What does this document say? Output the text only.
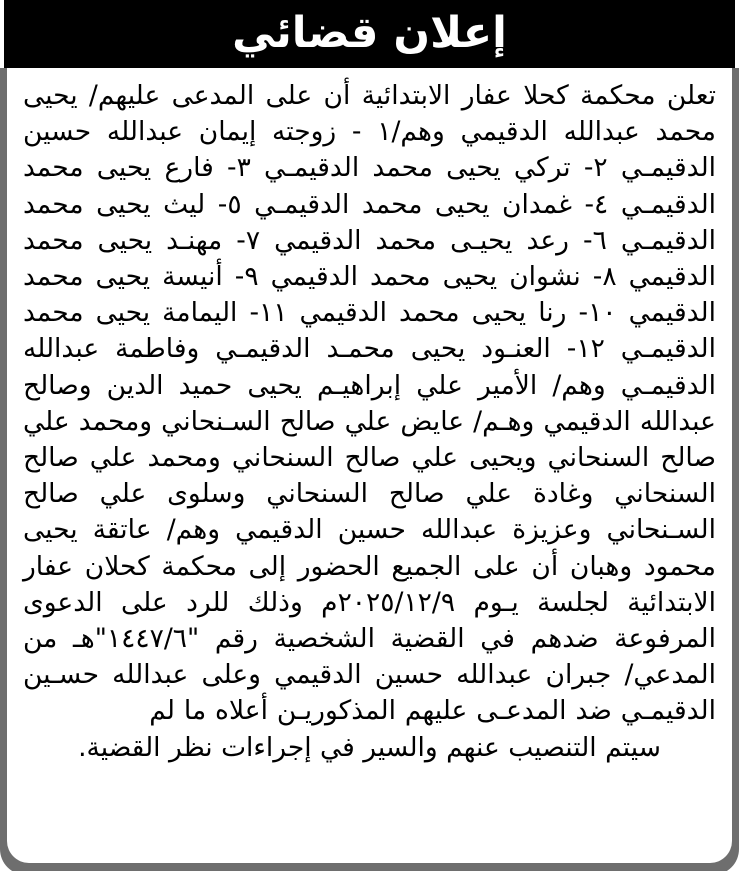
إعلان قضائي

تعلن محكمة كحلا عفار الابتدائية أن على المدعى عليهم/ يحيى محمد عبدالله الدقيمي وهم/١ - زوجته إيمان عبدالله حسين الدقيمـي ٢- تركي يحيى محمد الدقيمـي ٣- فارع يحيى محمد الدقيمـي ٤- غمدان يحيى محمد الدقيمـي ٥- ليث يحيى محمد الدقيمـي ٦- رعد يحيـى محمد الدقيمي ٧- مهنـد يحيى محمد الدقيمي ٨- نشوان يحيى محمد الدقيمي ٩- أنيسة يحيى محمد الدقيمي ١٠- رنا يحيى محمد الدقيمي ١١- اليمامة يحيى محمد الدقيمـي ١٢- العنـود يحيى محمـد الدقيمـي وفاطمة عبدالله الدقيمـي وهم/ الأمير علي إبراهيـم يحيى حميد الدين وصالح عبدالله الدقيمي وهـم/ عايض علي صالح السـنحاني ومحمد علي صالح السنحاني ويحيى علي صالح السنحاني ومحمد علي صالح السنحاني وغادة علي صالح السنحاني وسلوى علي صالح السـنحاني وعزيزة عبدالله حسين الدقيمي وهم/ عاتقة يحيى محمود وهبان أن على الجميع الحضور إلى محكمة كحلان عفار الابتدائية لجلسة يـوم ٢٠٢٥/١٢/٩م وذلك للرد على الدعوى المرفوعة ضدهم في القضية الشخصية رقم "١٤٤٧/٦"هـ من المدعي/ جبران عبدالله حسين الدقيمي وعلى عبدالله حسـين الدقيمـي ضد المدعـى عليهم المذكوريـن أعلاه ما لم

سيتم التنصيب عنهم والسير في إجراءات نظر القضية.
